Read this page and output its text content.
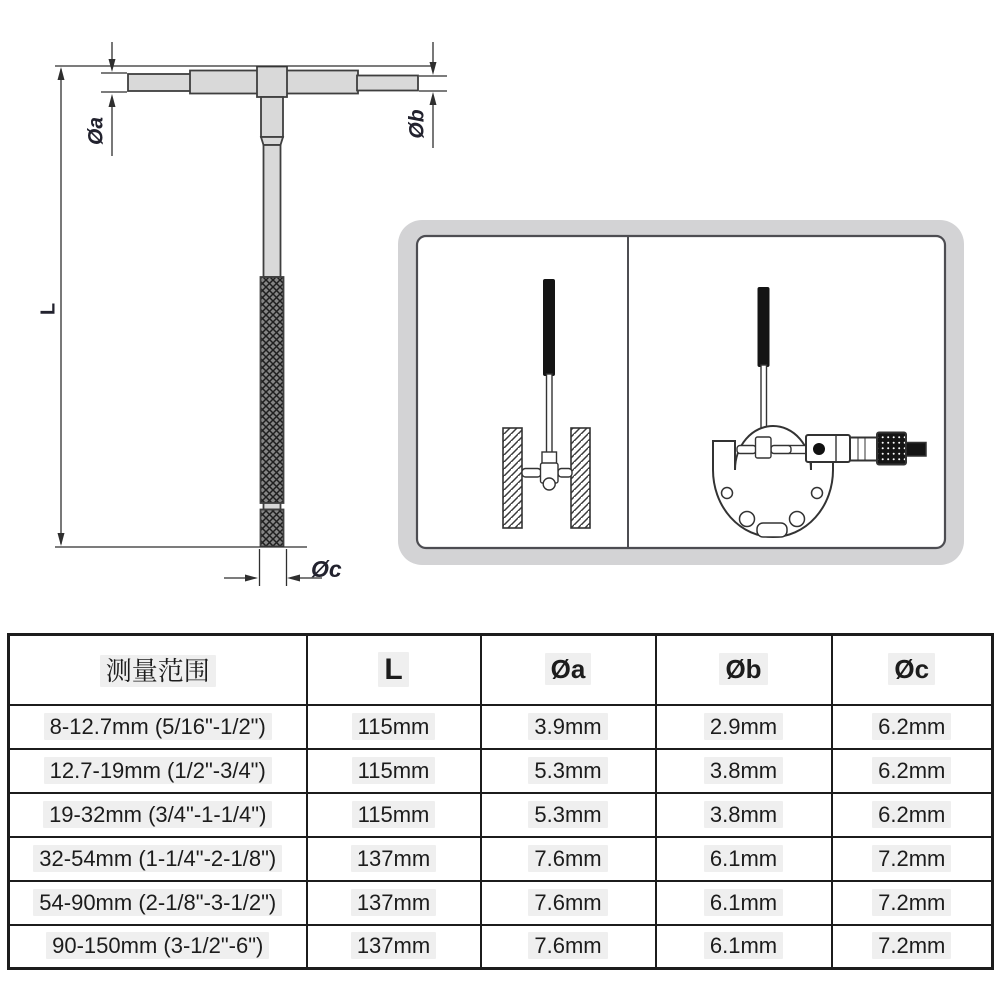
Øa	Øb
L
Øc
测量范围	L	Øa	Øb	Øc
8-12.7mm (5/16"-1/2")	115mm	3.9mm	2.9mm	6.2mm
12.7-19mm (1/2"-3/4")	115mm	5.3mm	3.8mm	6.2mm
19-32mm (3/4"-1-1/4")	115mm	5.3mm	3.8mm	6.2mm
32-54mm (1-1/4"-2-1/8")	137mm	7.6mm	6.1mm	7.2mm
54-90mm (2-1/8"-3-1/2")	137mm	7.6mm	6.1mm	7.2mm
90-150mm (3-1/2"-6")	137mm	7.6mm	6.1mm	7.2mm
